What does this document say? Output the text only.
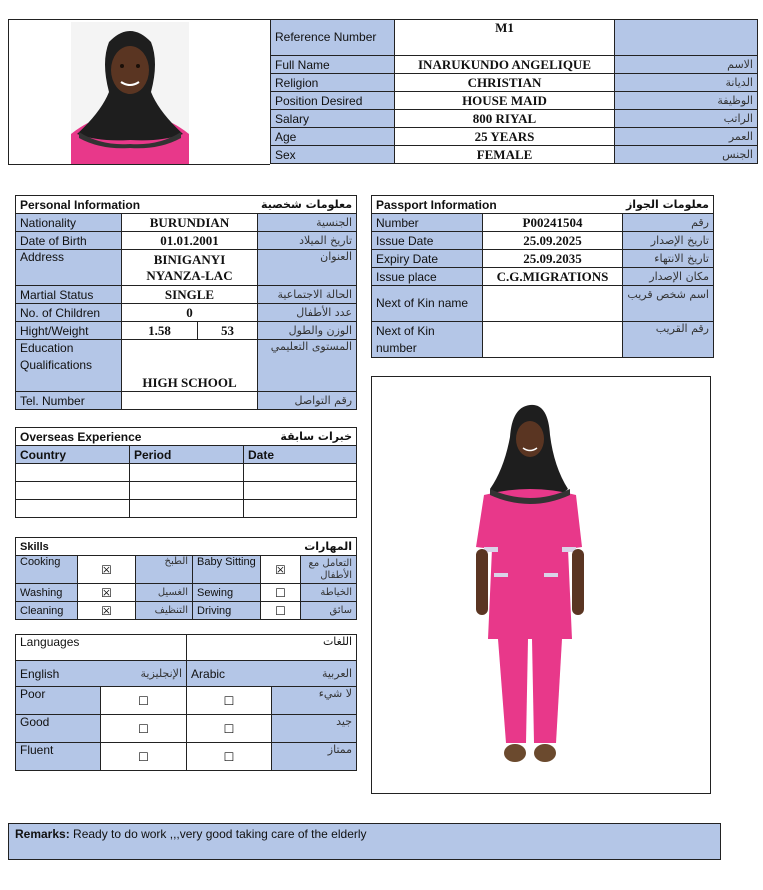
Reference Number	M1	
Full Name	INARUKUNDO ANGELIQUE	الاسم
Religion	CHRISTIAN	الديانة
Position Desired	HOUSE MAID	الوظيفة
Salary	800 RIYAL	الراتب
Age	25 YEARS	العمر
Sex	FEMALE	الجنس
Personal Information		معلومات شخصية	
Nationality	BURUNDIAN		الجنسية
Date of Birth	01.01.2001		تاريخ الميلاد
Address	BINIGANYI NYANZA-LAC		العنوان
Martial Status	SINGLE		الحالة الاجتماعية
No. of Children	0		عدد الأطفال
Hight/Weight	1.58	53	الوزن والطول
Education Qualifications	HIGH SCHOOL		المستوى التعليمي
Tel. Number			رقم التواصل
Passport Information		معلومات الجواز
Number	P00241504	رقم
Issue Date	25.09.2025	تاريخ الإصدار
Expiry Date	25.09.2035	تاريخ الانتهاء
Issue place	C.G.MIGRATIONS	مكان الإصدار
Next of Kin name		اسم شخص قريب
Next of Kin number		رقم القريب
Overseas Experience		خبرات سابقة
Country	Period	Date

Skills			المهارات		
Cooking	☒	الطبخ	Baby Sitting	☒	التعامل مع الأطفال
Washing	☒	الغسيل	Sewing	☐	الخياطة
Cleaning	☒	التنظيف	Driving	☐	سائق
Languages		اللغات	

English الإنجليزية		Arabic العربية	

Poor	☐	☐	لا شيء
Good	☐	☐	جيد
Fluent	☐	☐	ممتاز
Remarks: Ready to do work ,,,very good taking care of the elderly
